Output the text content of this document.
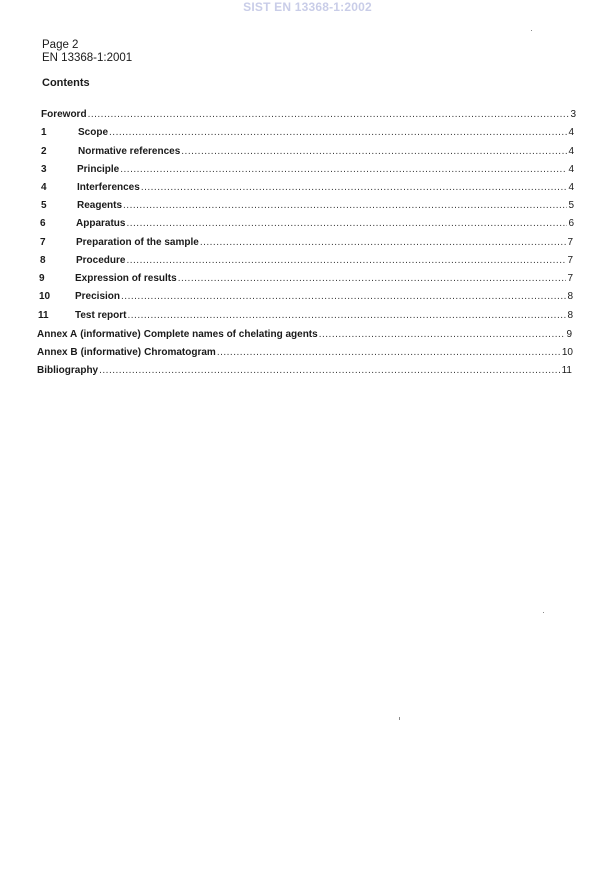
SIST EN 13368-1:2002
Page 2
EN 13368-1:2001
Contents
Foreword .....	3
1	Scope .....	4
2	Normative references .....	4
3	Principle .....	4
4	Interferences .....	4
5	Reagents .....	5
6	Apparatus .....	6
7	Preparation of the sample .....	7
8	Procedure .....	7
9	Expression of results .....	7
10	Precision .....	8
11	Test report .....	8
Annex A (informative) Complete names of chelating agents .....	9
Annex B (informative) Chromatogram .....	10
Bibliography .....	11
